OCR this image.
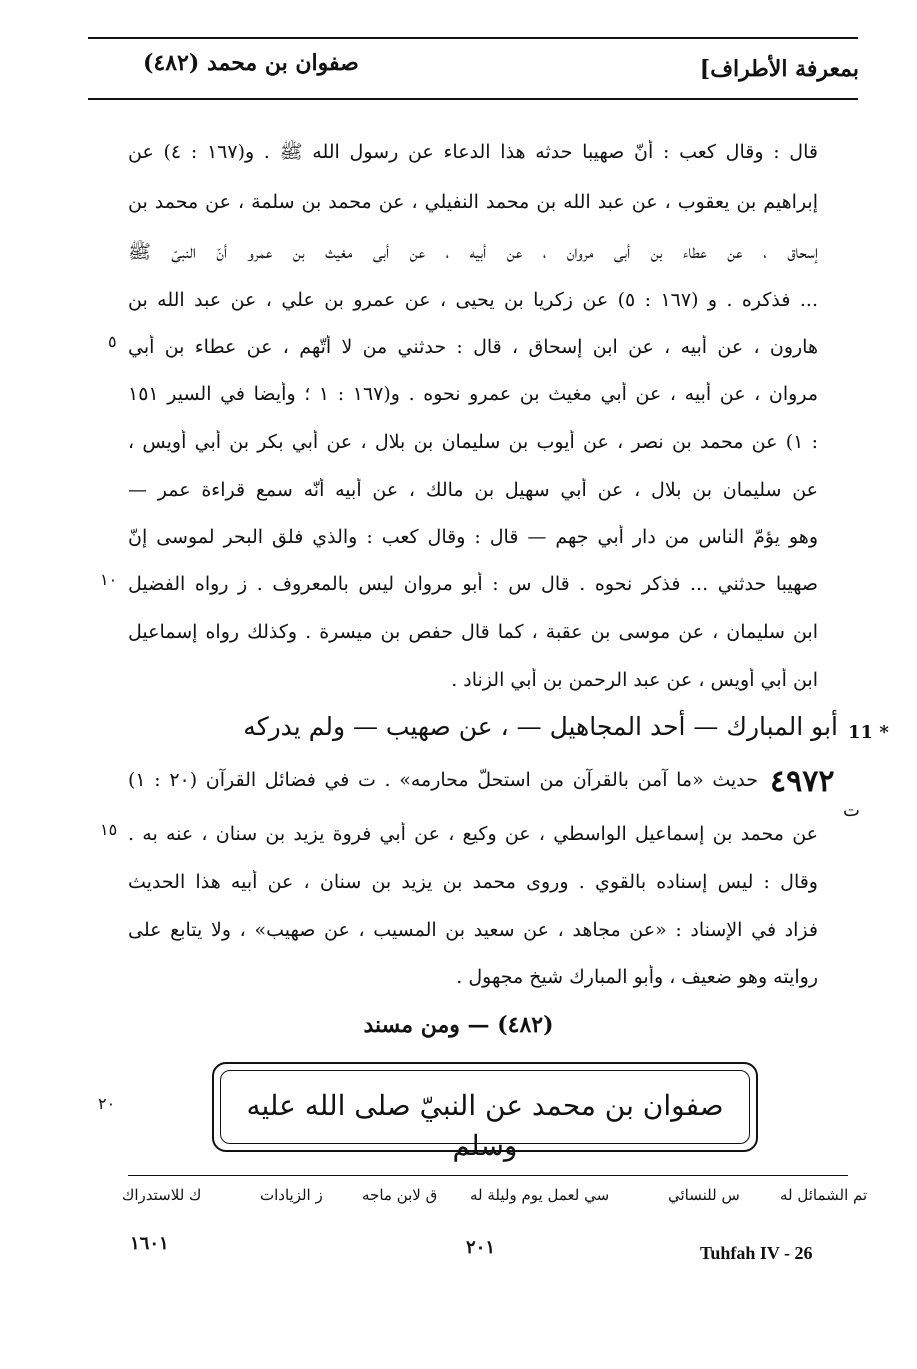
صفوان بن محمد (٤٨٢)	بمعرفة الأطراف]
قال : وقال كعب : أنّ صهيبا حدثه هذا الدعاء عن رسول الله ﷺ . و(١٦٧ : ٤) عن
إبراهيم بن يعقوب ، عن عبد الله بن محمد النفيلي ، عن محمد بن سلمة ، عن محمد بن
إسحاق ، عن عطاء بن أبي مروان ، عن أبيه ، عن أبي مغيث بن عمرو أنّ النبيّ ﷺ
... فذكره . و (١٦٧ : ٥) عن زكريا بن يحيى ، عن عمرو بن علي ، عن عبد الله بن
هارون ، عن أبيه ، عن ابن إسحاق ، قال : حدثني من لا أتّهم ، عن عطاء بن أبي
مروان ، عن أبيه ، عن أبي مغيث بن عمرو نحوه . و(١٦٧ : ١ ؛ وأيضا في السير ١٥١
: ١) عن محمد بن نصر ، عن أيوب بن سليمان بن بلال ، عن أبي بكر بن أبي أويس ،
عن سليمان بن بلال ، عن أبي سهيل بن مالك ، عن أبيه أنّه سمع قراءة عمر —
وهو يؤمّ الناس من دار أبي جهم — قال : وقال كعب : والذي فلق البحر لموسى إنّ
صهيبا حدثني ... فذكر نحوه . قال س : أبو مروان ليس بالمعروف . ز رواه الفضيل
ابن سليمان ، عن موسى بن عقبة ، كما قال حفص بن ميسرة . وكذلك رواه إسماعيل
ابن أبي أويس ، عن عبد الرحمن بن أبي الزناد .
٥
١٠
١٥
٢٠
11 *
أبو المبارك — أحد المجاهيل — ، عن صهيب — ولم يدركه
٤٩٧٢
ت
حديث «ما آمن بالقرآن من استحلّ محارمه» . ت في فضائل القرآن (٢٠ : ١)
عن محمد بن إسماعيل الواسطي ، عن وكيع ، عن أبي فروة يزيد بن سنان ، عنه به .
وقال : ليس إسناده بالقوي . وروى محمد بن يزيد بن سنان ، عن أبيه هذا الحديث
فزاد في الإسناد : «عن مجاهد ، عن سعيد بن المسيب ، عن صهيب» ، ولا يتابع على
روايته وهو ضعيف ، وأبو المبارك شيخ مجهول .
(٤٨٢) — ومن مسند
صفوان بن محمد عن النبيّ صلى الله عليه وسلم
تم الشمائل له
س للنسائي
سي لعمل يوم وليلة له
ق لابن ماجه
ز الزيادات
ك للاستدراك
١٦٠١	٢٠١	Tuhfah IV - 26
